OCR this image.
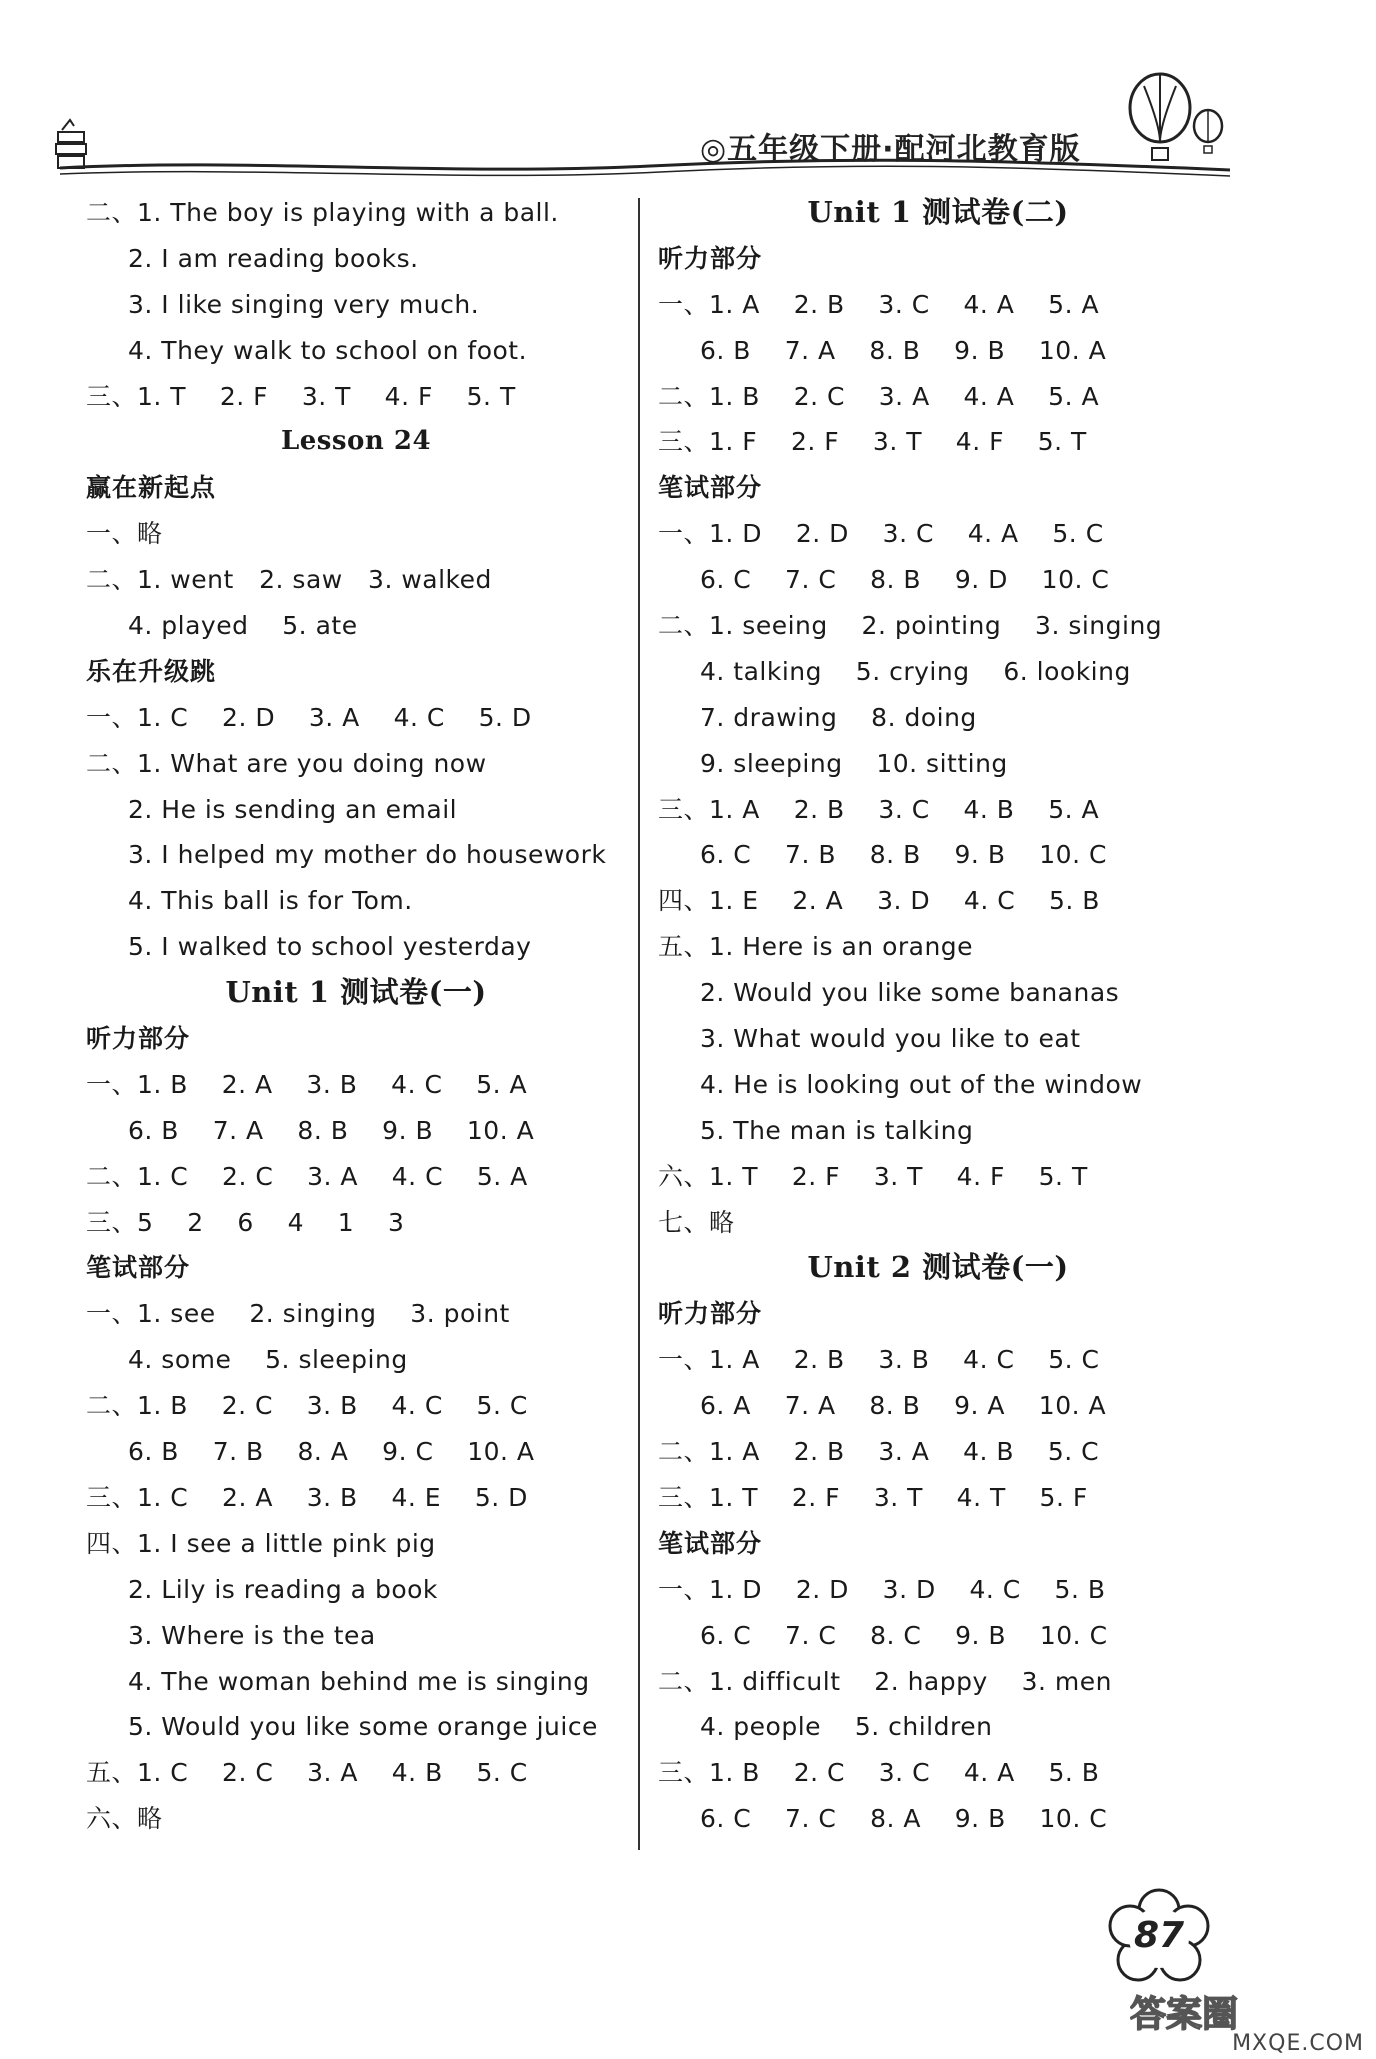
◎五年级下册·配河北教育版
二、1. The boy is playing with a ball.
2. I am reading books.
3. I like singing very much.
4. They walk to school on foot.
三、1. T    2. F    3. T    4. F    5. T
Lesson 24
赢在新起点
一、略
二、1. went   2. saw   3. walked
4. played    5. ate
乐在升级跳
一、1. C    2. D    3. A    4. C    5. D
二、1. What are you doing now
2. He is sending an email
3. I helped my mother do housework
4. This ball is for Tom.
5. I walked to school yesterday
Unit 1 测试卷(一)
听力部分
一、1. B    2. A    3. B    4. C    5. A
6. B    7. A    8. B    9. B    10. A
二、1. C    2. C    3. A    4. C    5. A
三、5    2    6    4    1    3
笔试部分
一、1. see    2. singing    3. point
4. some    5. sleeping
二、1. B    2. C    3. B    4. C    5. C
6. B    7. B    8. A    9. C    10. A
三、1. C    2. A    3. B    4. E    5. D
四、1. I see a little pink pig
2. Lily is reading a book
3. Where is the tea
4. The woman behind me is singing
5. Would you like some orange juice
五、1. C    2. C    3. A    4. B    5. C
六、略
Unit 1 测试卷(二)
听力部分
一、1. A    2. B    3. C    4. A    5. A
6. B    7. A    8. B    9. B    10. A
二、1. B    2. C    3. A    4. A    5. A
三、1. F    2. F    3. T    4. F    5. T
笔试部分
一、1. D    2. D    3. C    4. A    5. C
6. C    7. C    8. B    9. D    10. C
二、1. seeing    2. pointing    3. singing
4. talking    5. crying    6. looking
7. drawing    8. doing
9. sleeping    10. sitting
三、1. A    2. B    3. C    4. B    5. A
6. C    7. B    8. B    9. B    10. C
四、1. E    2. A    3. D    4. C    5. B
五、1. Here is an orange
2. Would you like some bananas
3. What would you like to eat
4. He is looking out of the window
5. The man is talking
六、1. T    2. F    3. T    4. F    5. T
七、略
Unit 2 测试卷(一)
听力部分
一、1. A    2. B    3. B    4. C    5. C
6. A    7. A    8. B    9. A    10. A
二、1. A    2. B    3. A    4. B    5. C
三、1. T    2. F    3. T    4. T    5. F
笔试部分
一、1. D    2. D    3. D    4. C    5. B
6. C    7. C    8. C    9. B    10. C
二、1. difficult    2. happy    3. men
4. people    5. children
三、1. B    2. C    3. C    4. A    5. B
6. C    7. C    8. A    9. B    10. C
87
答案圈
MXQE.COM
